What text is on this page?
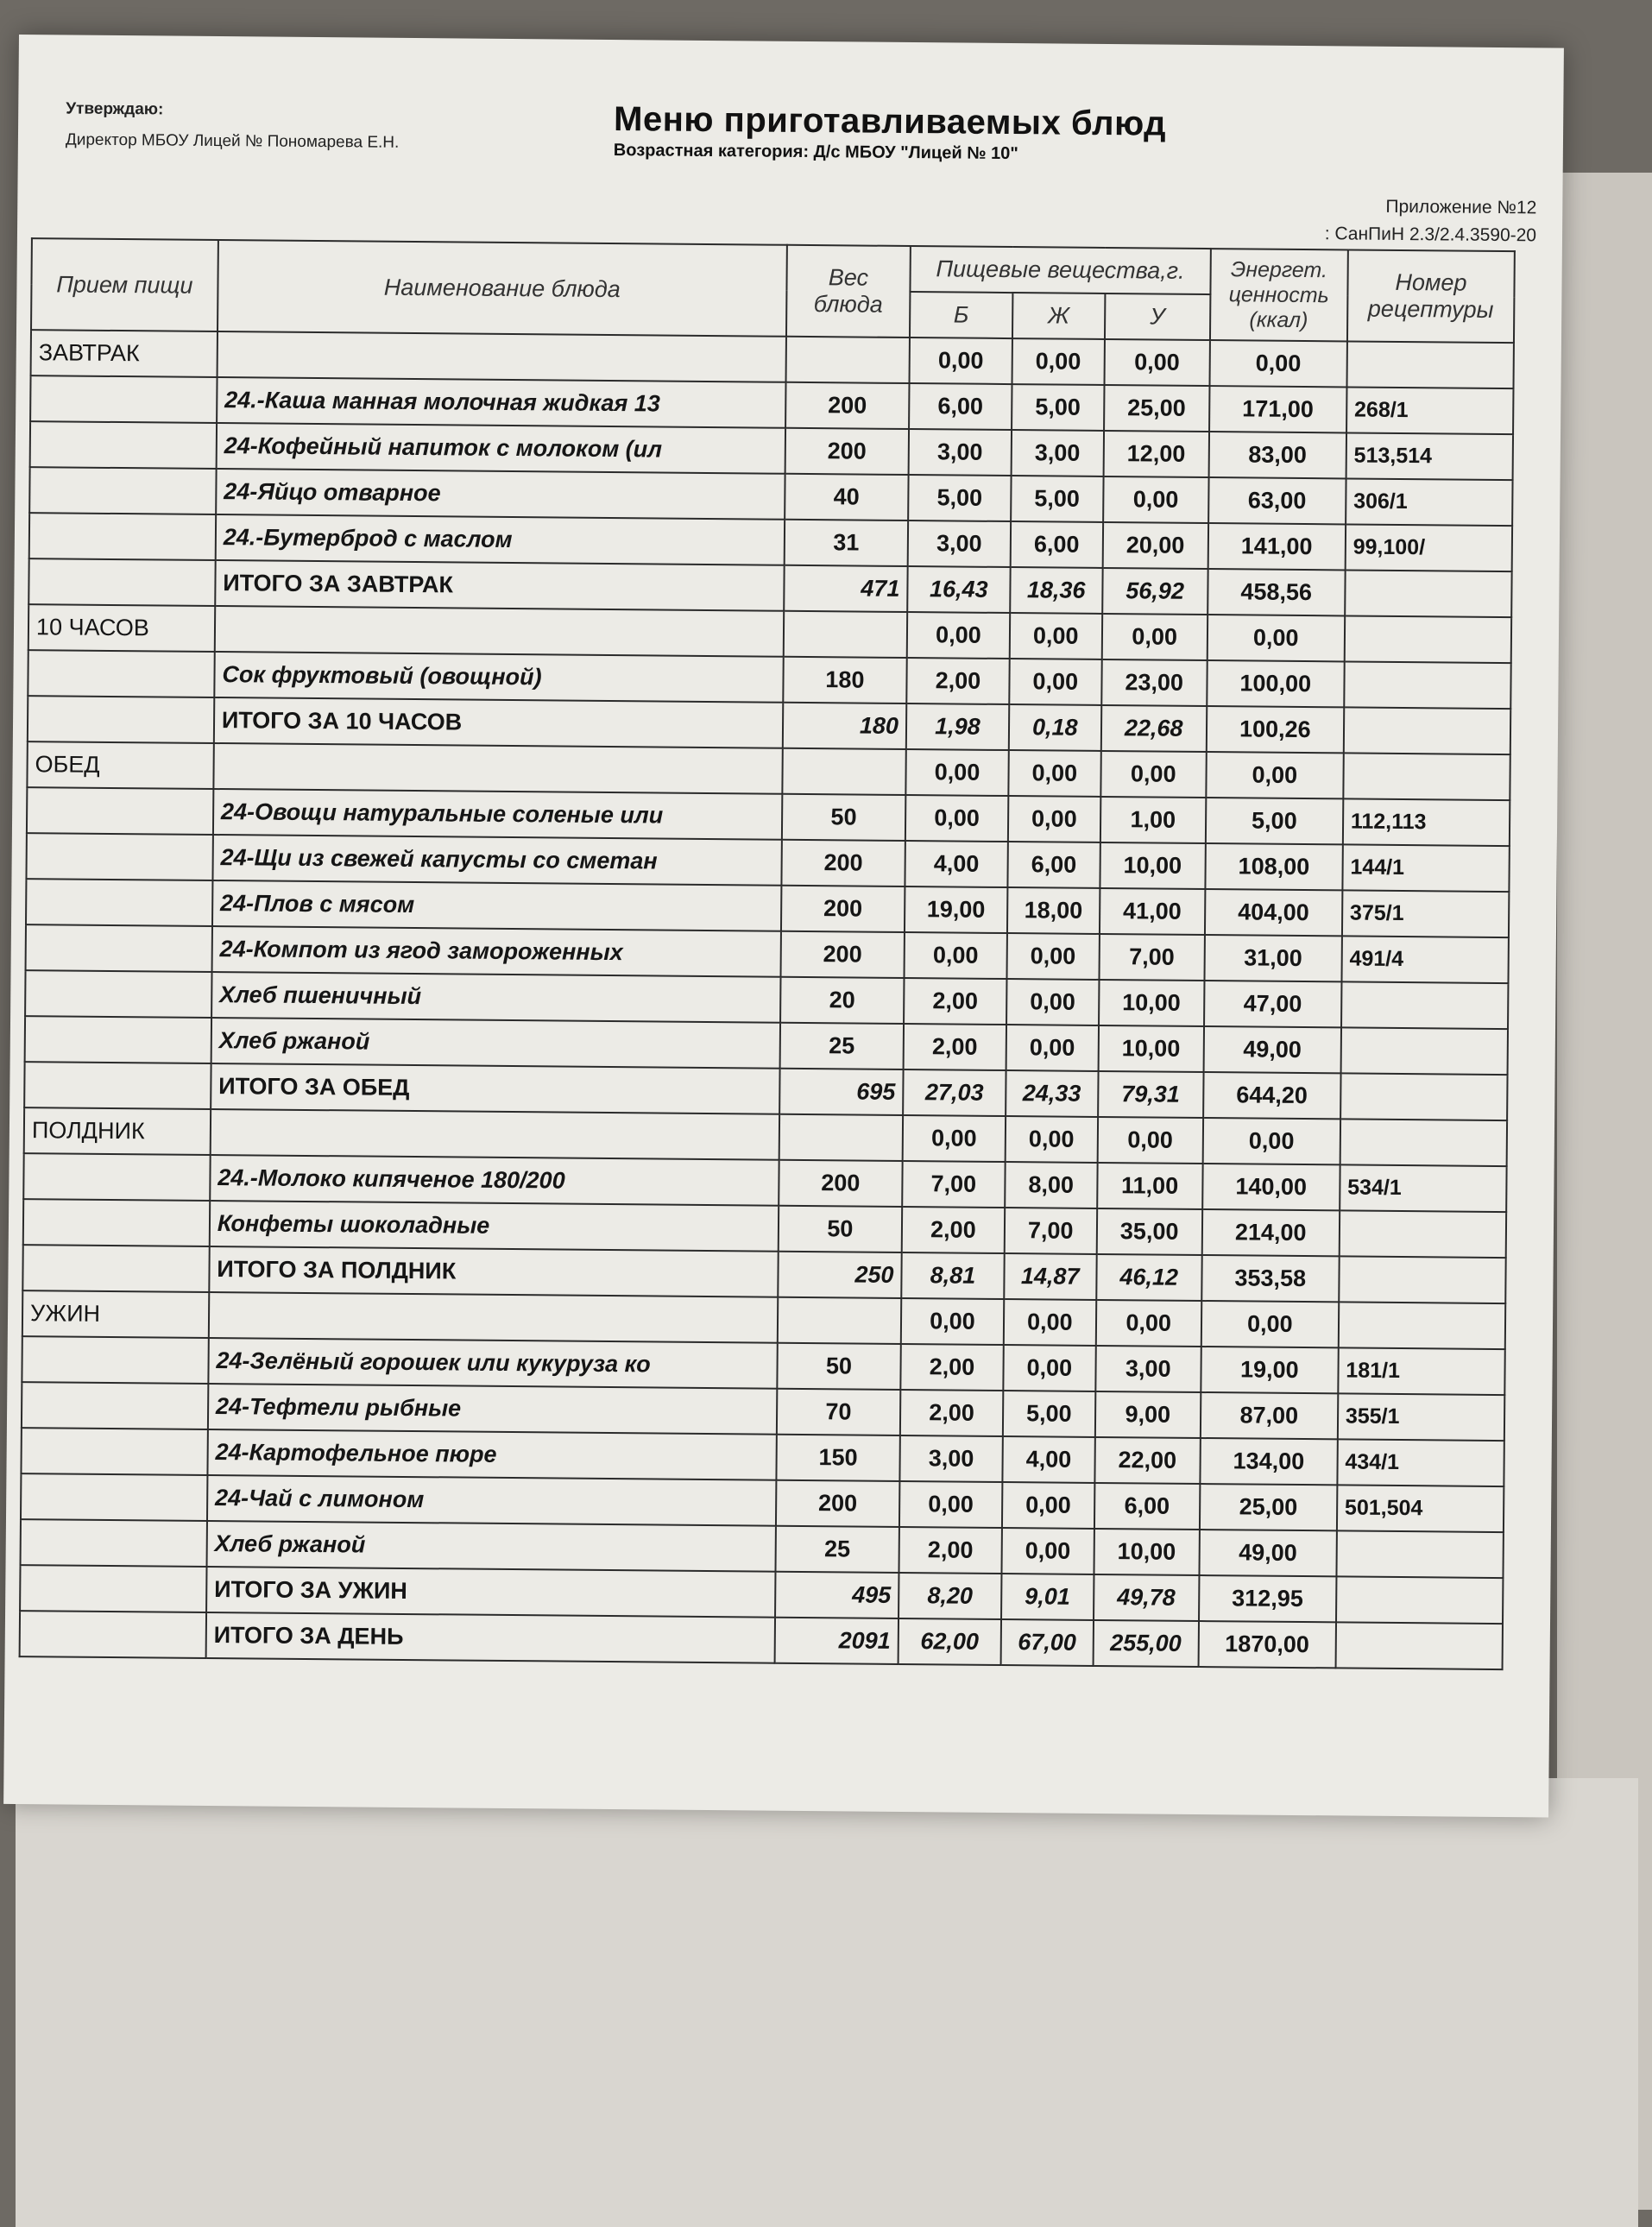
Утверждаю:
Директор МБОУ Лицей № Пономарева Е.Н.	Меню приготавливаемых блюд
Возрастная категория: Д/с МБОУ "Лицей № 10"
Приложение №12
: СанПиН 2.3/2.4.3590-20
Прием пищи	Наименование блюда	Вес блюда	Пищевые вещества,г.			Энергет. ценность (ккал)	Номер рецептуры
			Б	Ж	У		
ЗАВТРАК			0,00	0,00	0,00	0,00	
	24.-Каша манная молочная жидкая 13	200	6,00	5,00	25,00	171,00	268/1
	24-Кофейный напиток с молоком (ил	200	3,00	3,00	12,00	83,00	513,514
	24-Яйцо отварное	40	5,00	5,00	0,00	63,00	306/1
	24.-Бутерброд с маслом	31	3,00	6,00	20,00	141,00	99,100/
	ИТОГО ЗА ЗАВТРАК	471	16,43	18,36	56,92	458,56	
10 ЧАСОВ			0,00	0,00	0,00	0,00	
	Сок фруктовый (овощной)	180	2,00	0,00	23,00	100,00	
	ИТОГО ЗА 10 ЧАСОВ	180	1,98	0,18	22,68	100,26	
ОБЕД			0,00	0,00	0,00	0,00	
	24-Овощи натуральные соленые или	50	0,00	0,00	1,00	5,00	112,113
	24-Щи из свежей капусты со сметан	200	4,00	6,00	10,00	108,00	144/1
	24-Плов с мясом	200	19,00	18,00	41,00	404,00	375/1
	24-Компот из ягод замороженных	200	0,00	0,00	7,00	31,00	491/4
	Хлеб пшеничный	20	2,00	0,00	10,00	47,00	
	Хлеб ржаной	25	2,00	0,00	10,00	49,00	
	ИТОГО ЗА ОБЕД	695	27,03	24,33	79,31	644,20	
ПОЛДНИК			0,00	0,00	0,00	0,00	
	24.-Молоко кипяченое 180/200	200	7,00	8,00	11,00	140,00	534/1
	Конфеты шоколадные	50	2,00	7,00	35,00	214,00	
	ИТОГО ЗА ПОЛДНИК	250	8,81	14,87	46,12	353,58	
УЖИН			0,00	0,00	0,00	0,00	
	24-Зелёный горошек или кукуруза ко	50	2,00	0,00	3,00	19,00	181/1
	24-Тефтели рыбные	70	2,00	5,00	9,00	87,00	355/1
	24-Картофельное пюре	150	3,00	4,00	22,00	134,00	434/1
	24-Чай с лимоном	200	0,00	0,00	6,00	25,00	501,504
	Хлеб ржаной	25	2,00	0,00	10,00	49,00	
	ИТОГО ЗА УЖИН	495	8,20	9,01	49,78	312,95	
	ИТОГО ЗА ДЕНЬ	2091	62,00	67,00	255,00	1870,00	
